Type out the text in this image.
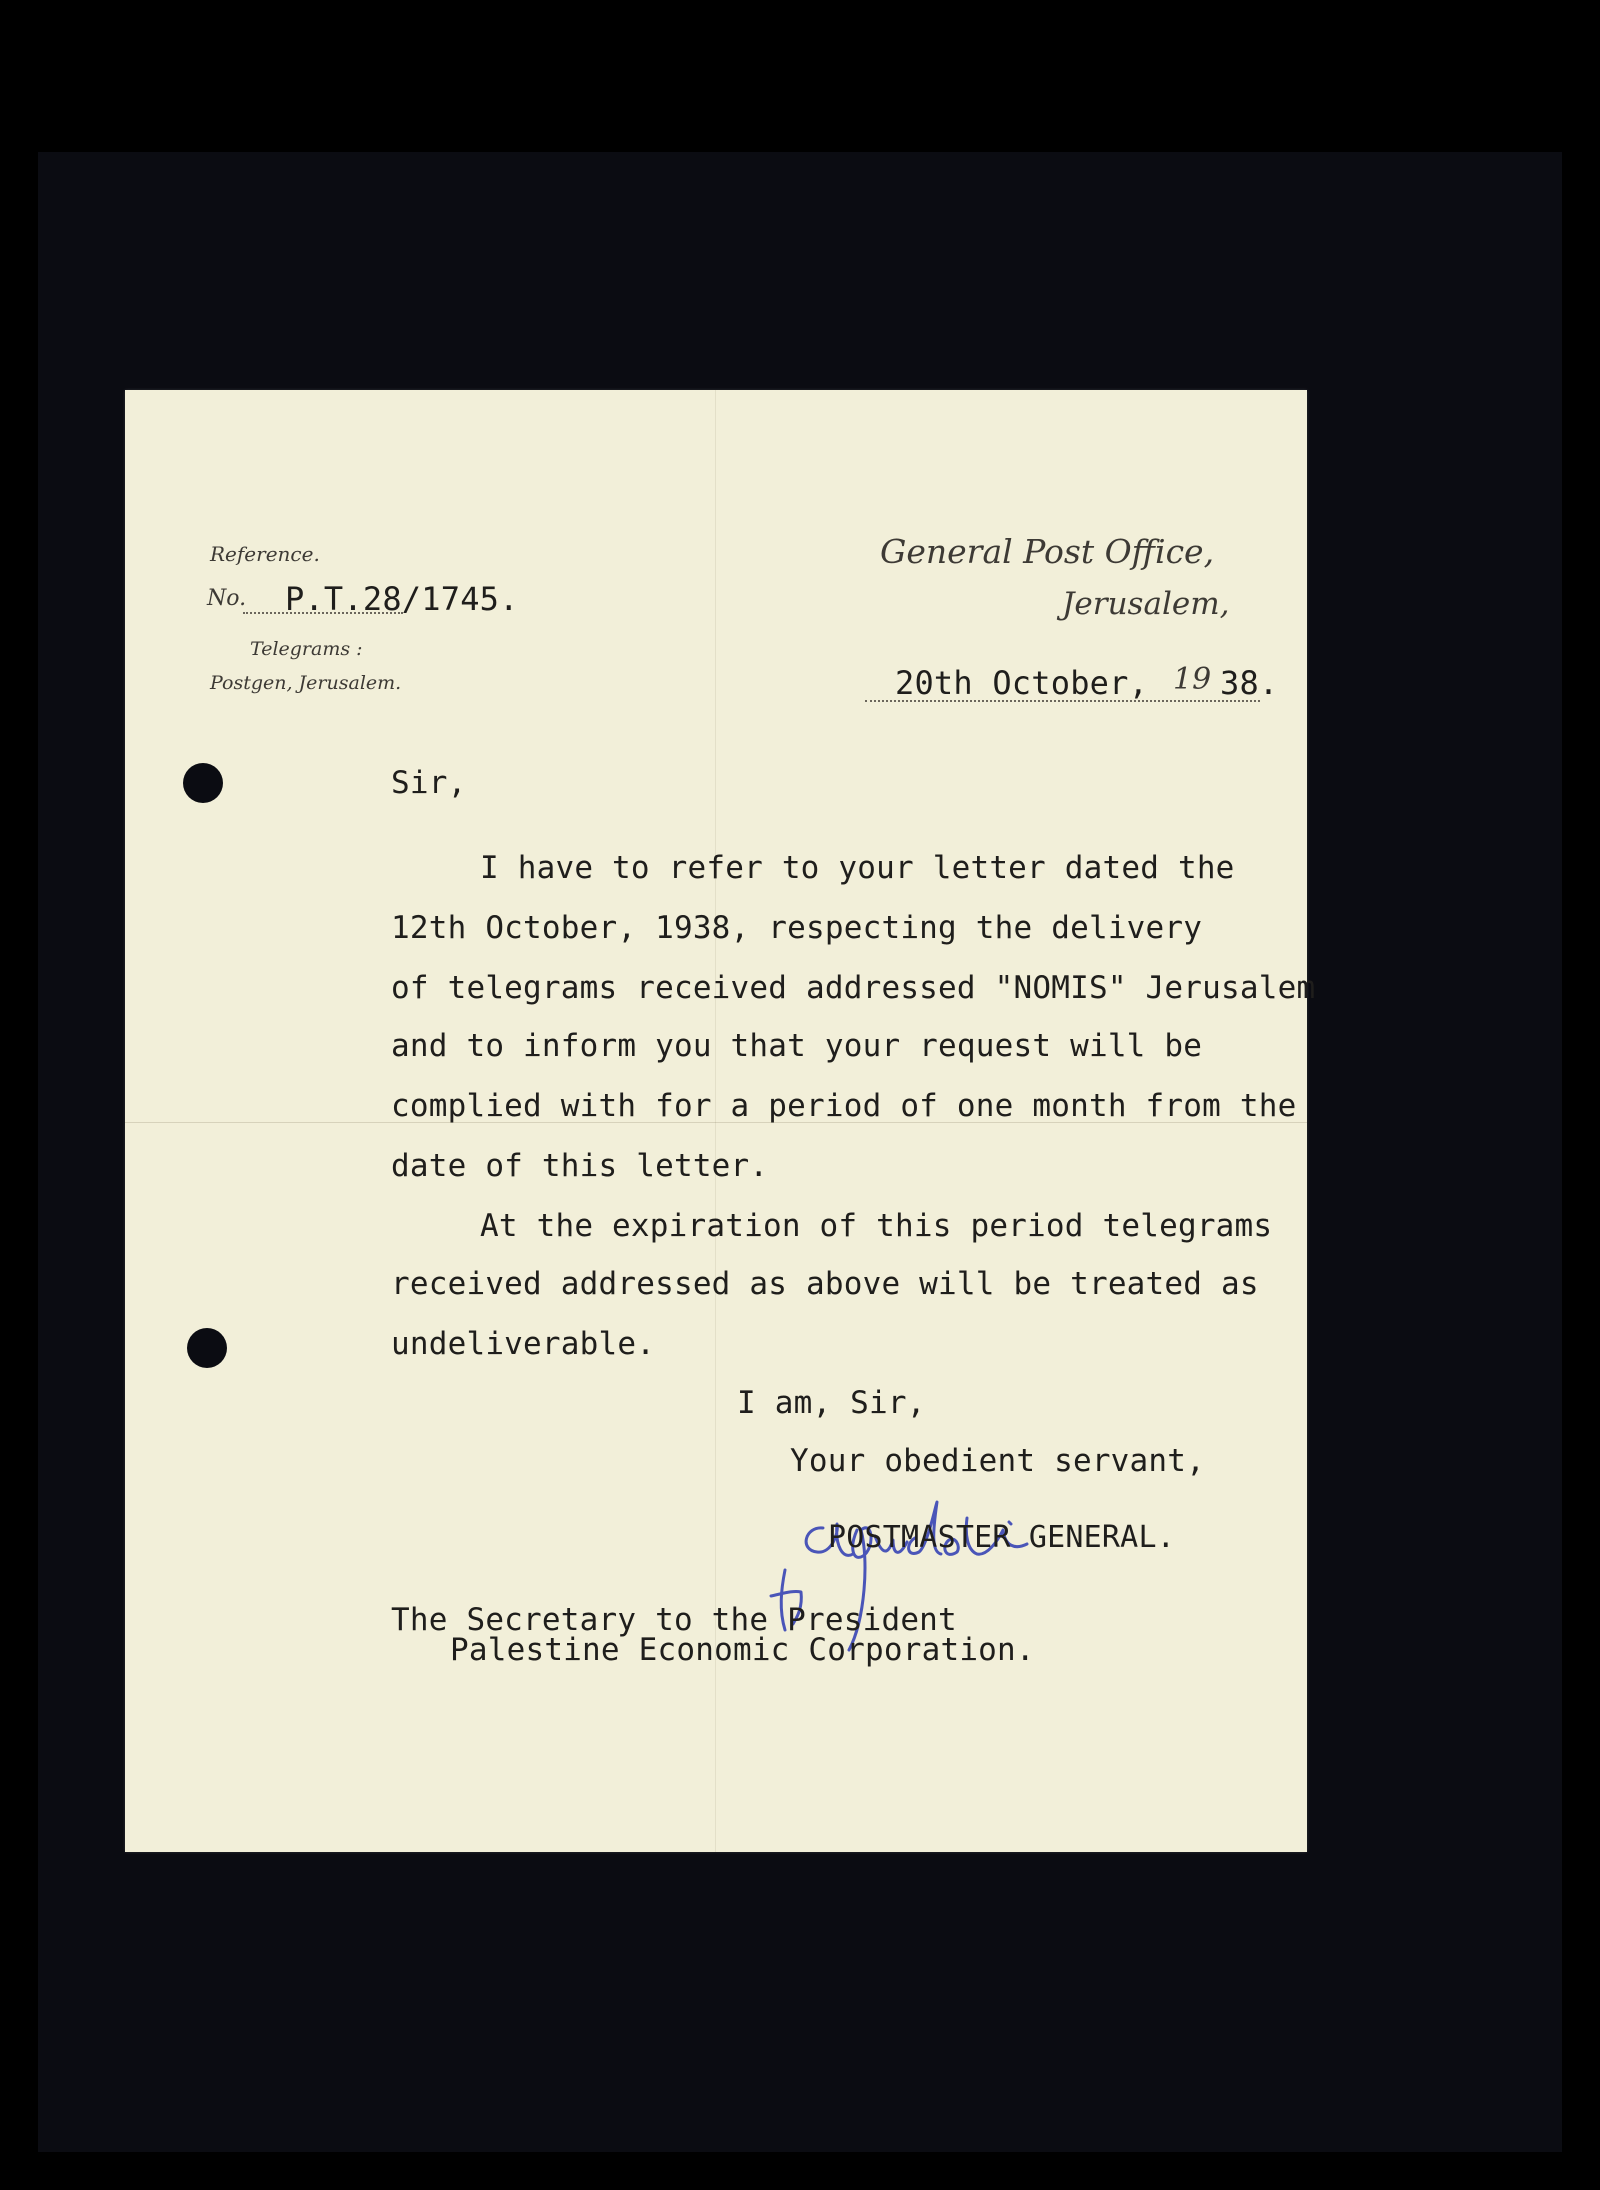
Reference.
No. P.T.28/1745.
Telegrams :
Postgen, Jerusalem.
General Post Office,
Jerusalem,
20th October, 19 38.
Sir,
I have to refer to your letter dated the
12th October, 1938, respecting the delivery
of telegrams received addressed "NOMIS" Jerusalem
and to inform you that your request will be
complied with for a period of one month from the
date of this letter.
At the expiration of this period telegrams
received addressed as above will be treated as
undeliverable.
I am, Sir,
Your obedient servant,
POSTMASTER GENERAL.
The Secretary to the President
Palestine Economic Corporation.
